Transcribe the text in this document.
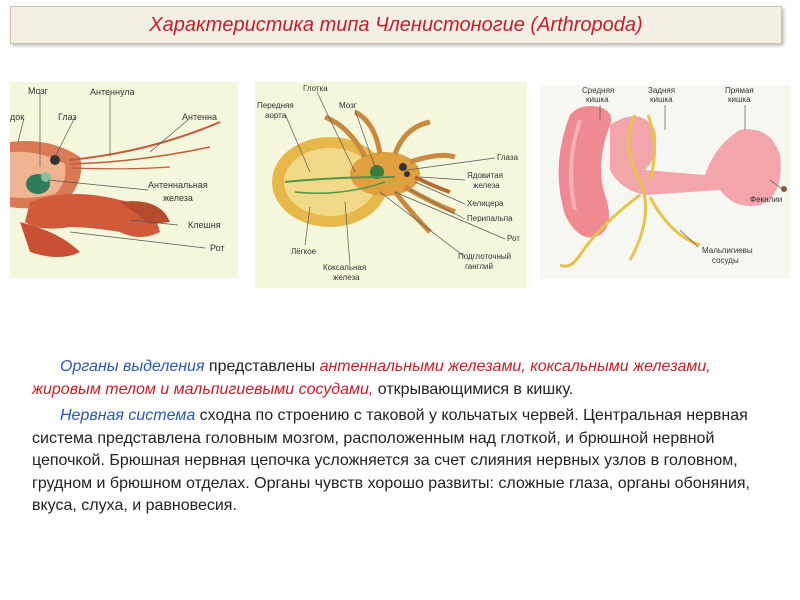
Характеристика типа Членистоногие (Arthropoda)
док
Мозг	Антеннула
Глаз	Антенна
Антеннальная
железа
Клешня
Рот
Глотка
Передняя
аорта
Мозг
Глаза
Ядовитая
железа
Хелицера
Перипальпа
Рот
Подглоточный
ганглий
Лёгкое
Коксальная
железа
Средняя
кишка
Задняя
кишка
Прямая
кишка
Фекалии
Мальпигиевы
сосуды

Органы выделения представлены антеннальными железами, коксальными железами, жировым телом и мальпигиевыми сосудами, открывающимися в кишку.

Нервная система сходна по строению с таковой у кольчатых червей. Центральная нервная система представлена головным мозгом, расположенным над глоткой, и брюшной нервной цепочкой. Брюшная нервная цепочка усложняется за счет слияния нервных узлов в головном, грудном и брюшном отделах. Органы чувств хорошо развиты: сложные глаза, органы обоняния, вкуса, слуха, и равновесия.
